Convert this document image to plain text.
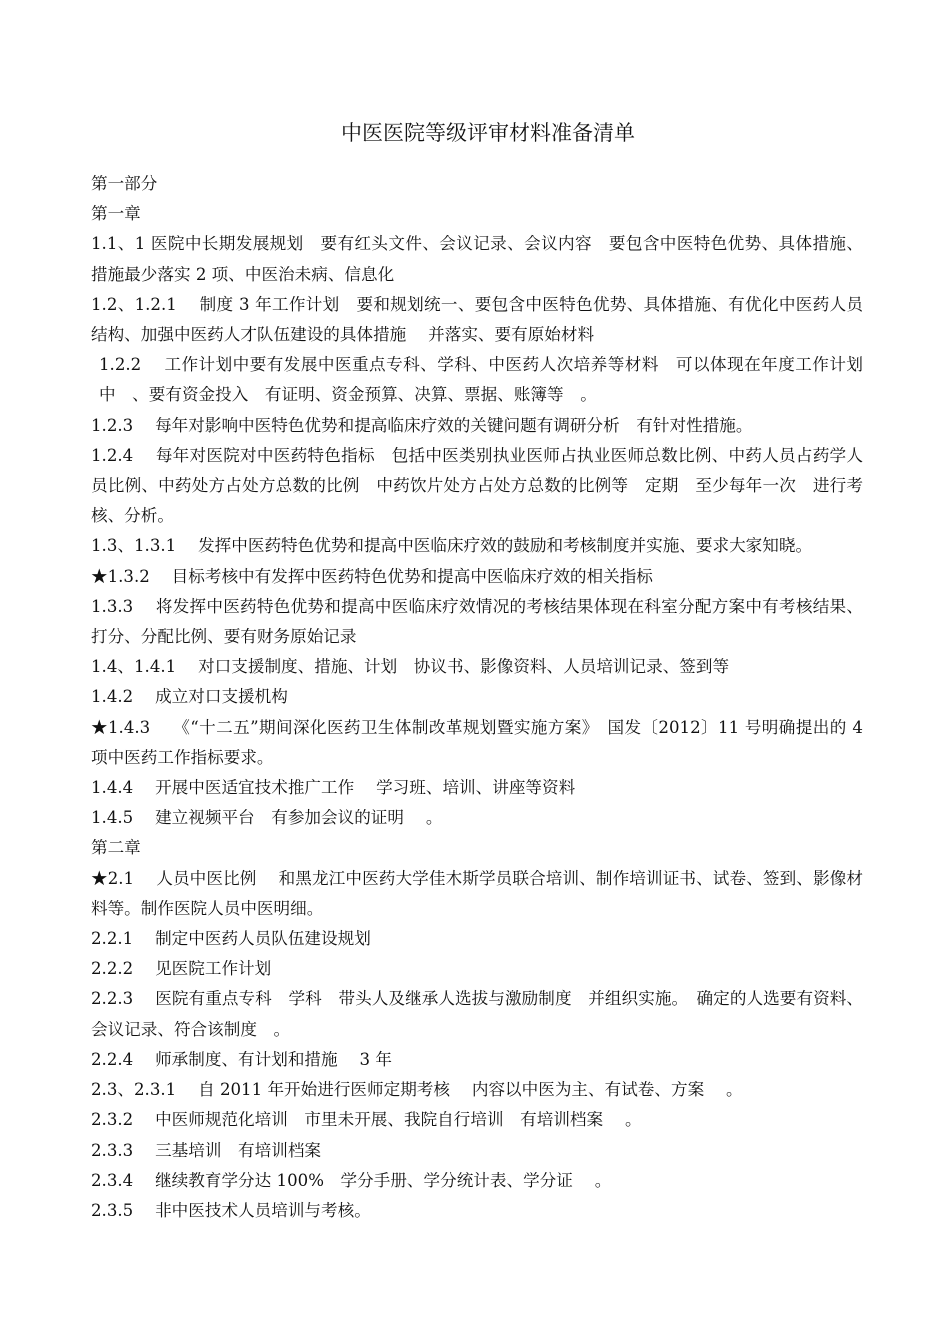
中医医院等级评审材料准备清单

第一部分

第一章

1.1、1 医院中长期发展规划　要有红头文件、会议记录、会议内容　要包含中医特色优势、具体措施、措施最少落实 2 项、中医治未病、信息化

1.2、1.2.1　 制度 3 年工作计划　要和规划统一、要包含中医特色优势、具体措施、有优化中医药人员结构、加强中医药人才队伍建设的具体措施　 并落实、要有原始材料

1.2.2　 工作计划中要有发展中医重点专科、学科、中医药人次培养等材料　可以体现在年度工作计划中　、要有资金投入　有证明、资金预算、决算、票据、账簿等　。

1.2.3　 每年对影响中医特色优势和提高临床疗效的关键问题有调研分析　有针对性措施。

1.2.4　 每年对医院对中医药特色指标　包括中医类别执业医师占执业医师总数比例、中药人员占药学人员比例、中药处方占处方总数的比例　中药饮片处方占处方总数的比例等　定期　至少每年一次　进行考核、分析。

1.3、1.3.1　 发挥中医药特色优势和提高中医临床疗效的鼓励和考核制度并实施、要求大家知晓。

★1.3.2　 目标考核中有发挥中医药特色优势和提高中医临床疗效的相关指标

1.3.3　 将发挥中医药特色优势和提高中医临床疗效情况的考核结果体现在科室分配方案中有考核结果、打分、分配比例、要有财务原始记录

1.4、1.4.1　 对口支援制度、措施、计划　协议书、影像资料、人员培训记录、签到等

1.4.2　 成立对口支援机构

★1.4.3　 《“十二五”期间深化医药卫生体制改革规划暨实施方案》　国发〔2012〕11 号明确提出的 4 项中医药工作指标要求。

1.4.4　 开展中医适宜技术推广工作　 学习班、培训、讲座等资料

1.4.5　 建立视频平台　有参加会议的证明　 。

第二章

★2.1　 人员中医比例　 和黑龙江中医药大学佳木斯学员联合培训、制作培训证书、试卷、签到、影像材料等。制作医院人员中医明细。

2.2.1　 制定中医药人员队伍建设规划

2.2.2　 见医院工作计划

2.2.3　 医院有重点专科　学科　带头人及继承人选拔与激励制度　并组织实施。　确定的人选要有资料、会议记录、符合该制度　。

2.2.4　 师承制度、有计划和措施　 3 年

2.3、2.3.1　 自 2011 年开始进行医师定期考核　 内容以中医为主、有试卷、方案　 。

2.3.2　 中医师规范化培训　市里未开展、我院自行培训　有培训档案　 。

2.3.3　 三基培训　有培训档案

2.3.4　 继续教育学分达 100%　学分手册、学分统计表、学分证　 。

2.3.5　 非中医技术人员培训与考核。
